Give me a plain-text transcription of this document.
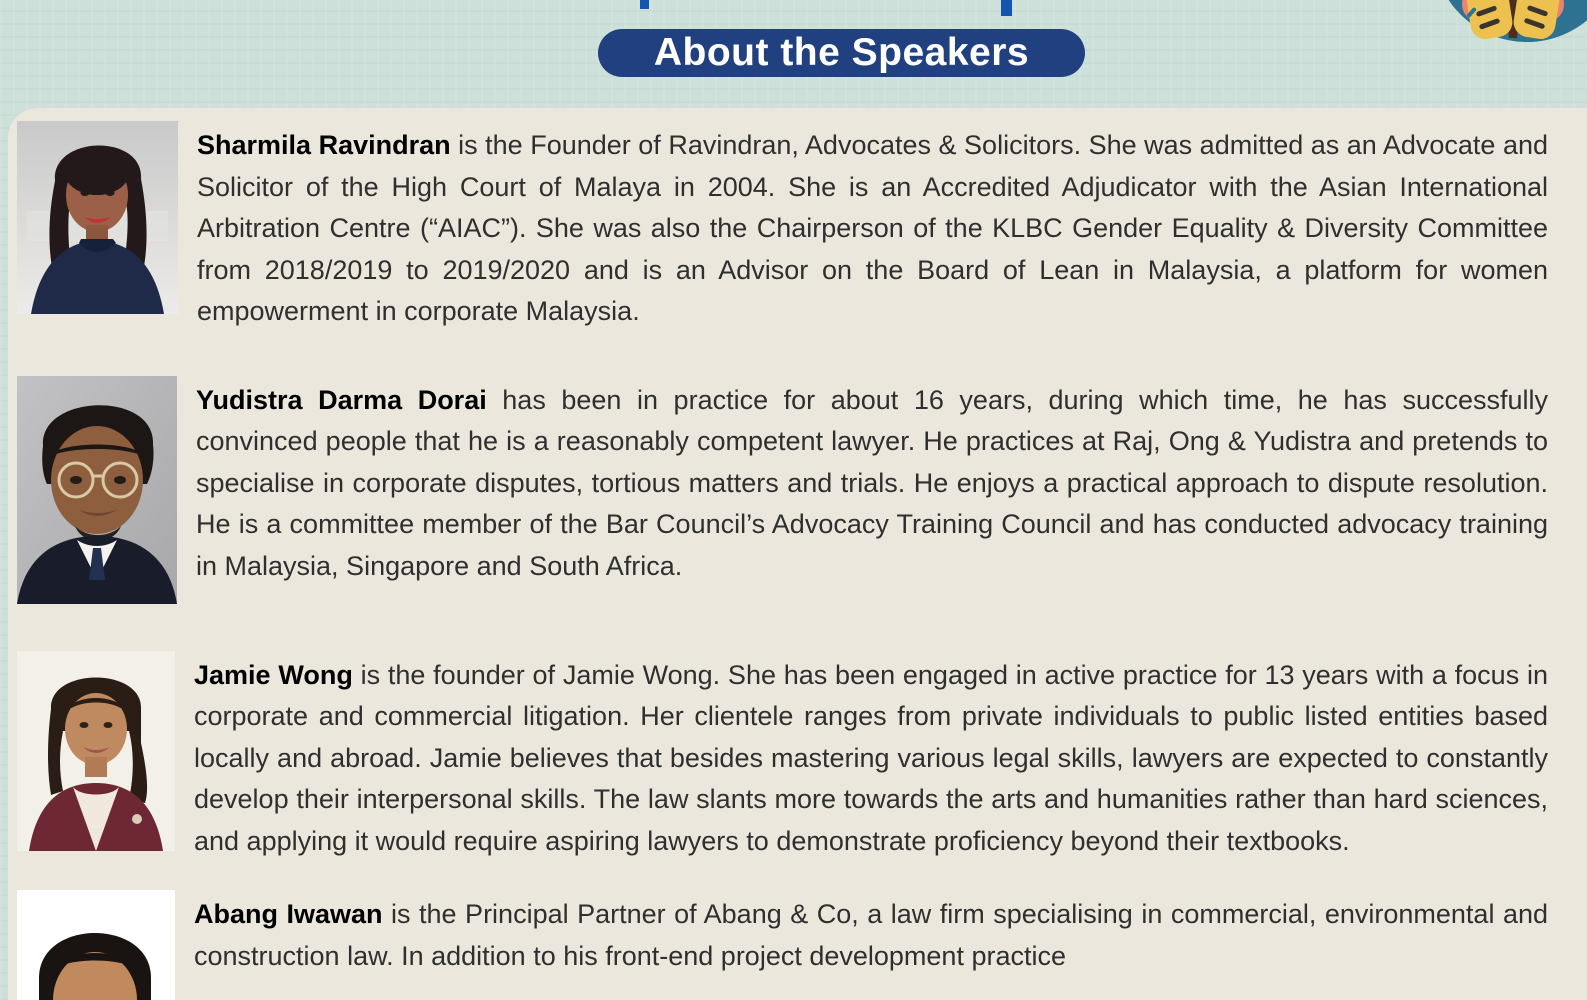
About the Speakers

Sharmila Ravindran is the Founder of Ravindran, Advocates & Solicitors. She was admitted as an Advocate and Solicitor of the High Court of Malaya in 2004. She is an Accredited Adjudicator with the Asian International Arbitration Centre (“AIAC”). She was also the Chairperson of the KLBC Gender Equality & Diversity Committee from 2018/2019 to 2019/2020 and is an Advisor on the Board of Lean in Malaysia, a platform for women empowerment in corporate Malaysia.

Yudistra Darma Dorai has been in practice for about 16 years, during which time, he has successfully convinced people that he is a reasonably competent lawyer. He practices at Raj, Ong & Yudistra and pretends to specialise in corporate disputes, tortious matters and trials. He enjoys a practical approach to dispute resolution. He is a committee member of the Bar Council’s Advocacy Training Council and has conducted advocacy training in Malaysia, Singapore and South Africa.

Jamie Wong is the founder of Jamie Wong. She has been engaged in active practice for 13 years with a focus in corporate and commercial litigation. Her clientele ranges from private individuals to public listed entities based locally and abroad. Jamie believes that besides mastering various legal skills, lawyers are expected to constantly develop their interpersonal skills. The law slants more towards the arts and humanities rather than hard sciences, and applying it would require aspiring lawyers to demonstrate proficiency beyond their textbooks.

Abang Iwawan is the Principal Partner of Abang & Co, a law firm specialising in commercial, environmental and construction law. In addition to his front-end project development practice
